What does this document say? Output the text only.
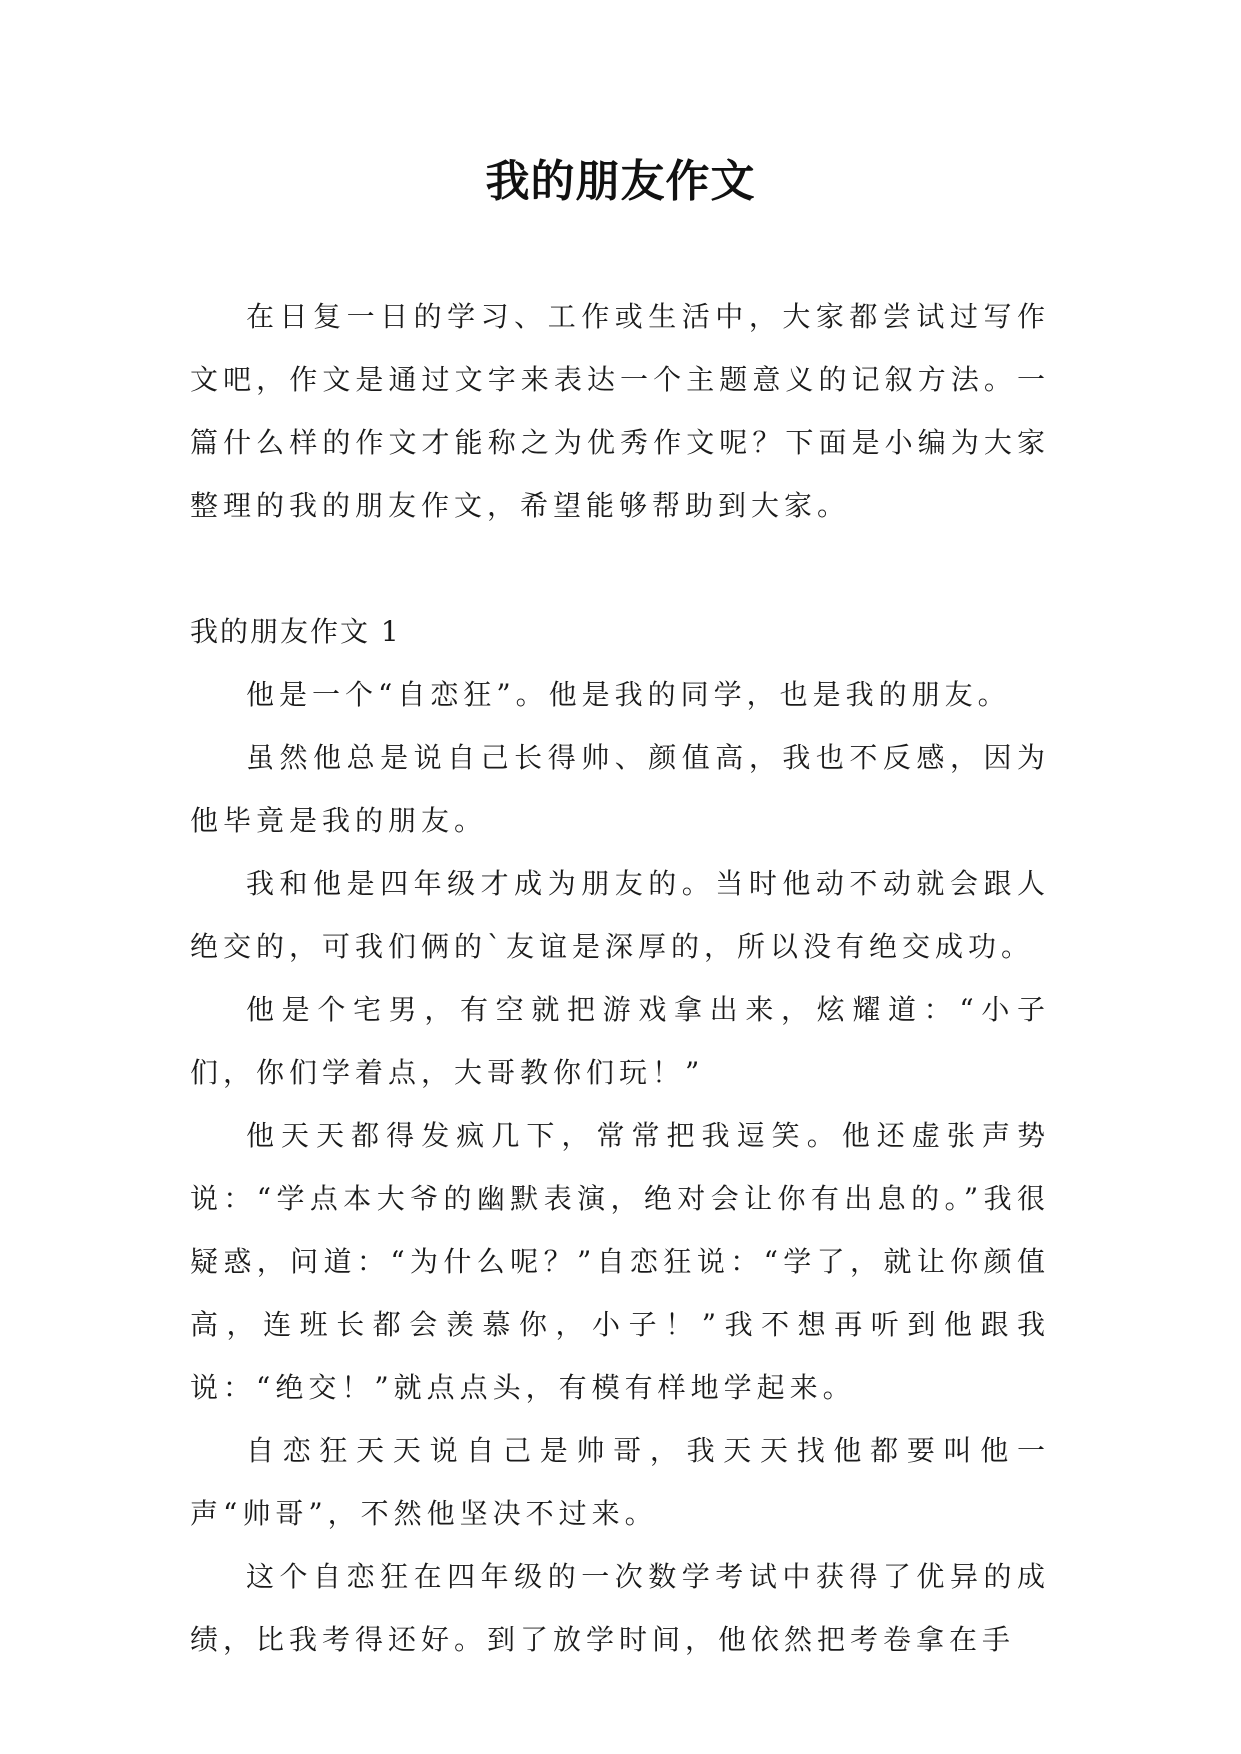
我的朋友作文

在日复一日的学习、工作或生活中，大家都尝试过写作文吧，作文是通过文字来表达一个主题意义的记叙方法。一篇什么样的作文才能称之为优秀作文呢？下面是小编为大家整理的我的朋友作文，希望能够帮助到大家。

我的朋友作文 1

他是一个“自恋狂”。他是我的同学，也是我的朋友。

虽然他总是说自己长得帅、颜值高，我也不反感，因为他毕竟是我的朋友。

我和他是四年级才成为朋友的。当时他动不动就会跟人绝交的，可我们俩的`友谊是深厚的，所以没有绝交成功。

他是个宅男，有空就把游戏拿出来，炫耀道：“小子们，你们学着点，大哥教你们玩！”

他天天都得发疯几下，常常把我逗笑。他还虚张声势说：“学点本大爷的幽默表演，绝对会让你有出息的。”我很疑惑，问道：“为什么呢？”自恋狂说：“学了，就让你颜值高，连班长都会羡慕你，小子！”我不想再听到他跟我说：“绝交！”就点点头，有模有样地学起来。

自恋狂天天说自己是帅哥，我天天找他都要叫他一声“帅哥”，不然他坚决不过来。

这个自恋狂在四年级的一次数学考试中获得了优异的成绩，比我考得还好。到了放学时间，他依然把考卷拿在手
